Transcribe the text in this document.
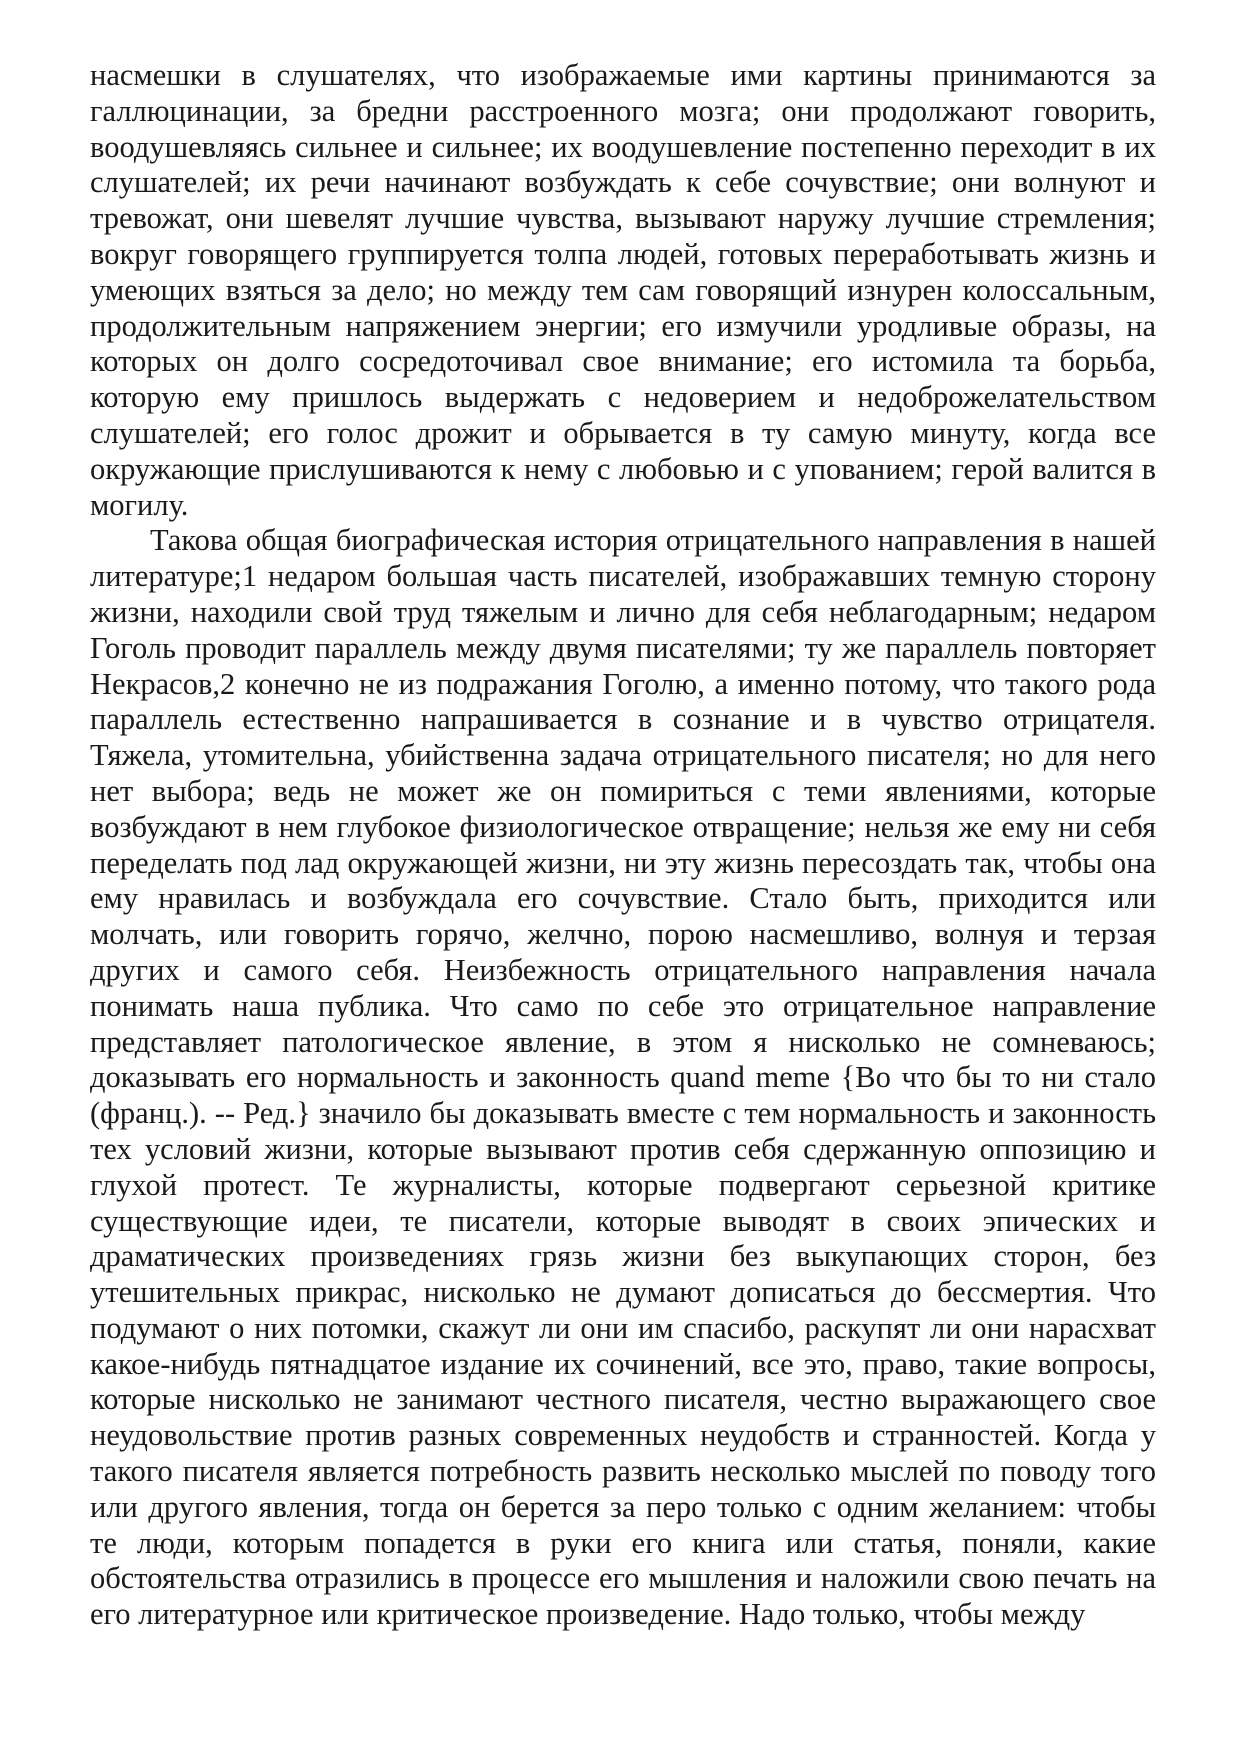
насмешки в слушателях, что изображаемые ими картины принимаются за галлюцинации, за бредни расстроенного мозга; они продолжают говорить, воодушевляясь сильнее и сильнее; их воодушевление постепенно переходит в их слушателей; их речи начинают возбуждать к себе сочувствие; они волнуют и тревожат, они шевелят лучшие чувства, вызывают наружу лучшие стремления; вокруг говорящего группируется толпа людей, готовых переработывать жизнь и умеющих взяться за дело; но между тем сам говорящий изнурен колоссальным, продолжительным напряжением энергии; его измучили уродливые образы, на которых он долго сосредоточивал свое внимание; его истомила та борьба, которую ему пришлось выдержать с недоверием и недоброжелательством слушателей; его голос дрожит и обрывается в ту самую минуту, когда все окружающие прислушиваются к нему с любовью и с упованием; герой валится в могилу.

Такова общая биографическая история отрицательного направления в нашей литературе;1 недаром большая часть писателей, изображавших темную сторону жизни, находили свой труд тяжелым и лично для себя неблагодарным; недаром Гоголь проводит параллель между двумя писателями; ту же параллель повторяет Некрасов,2 конечно не из подражания Гоголю, а именно потому, что такого рода параллель естественно напрашивается в сознание и в чувство отрицателя. Тяжела, утомительна, убийственна задача отрицательного писателя; но для него нет выбора; ведь не может же он помириться с теми явлениями, которые возбуждают в нем глубокое физиологическое отвращение; нельзя же ему ни себя переделать под лад окружающей жизни, ни эту жизнь пересоздать так, чтобы она ему нравилась и возбуждала его сочувствие. Стало быть, приходится или молчать, или говорить горячо, желчно, порою насмешливо, волнуя и терзая других и самого себя. Неизбежность отрицательного направления начала понимать наша публика. Что само по себе это отрицательное направление представляет патологическое явление, в этом я нисколько не сомневаюсь; доказывать его нормальность и законность quand meme {Во что бы то ни стало (франц.). -- Ред.} значило бы доказывать вместе с тем нормальность и законность тех условий жизни, которые вызывают против себя сдержанную оппозицию и глухой протест. Те журналисты, которые подвергают серьезной критике существующие идеи, те писатели, которые выводят в своих эпических и драматических произведениях грязь жизни без выкупающих сторон, без утешительных прикрас, нисколько не думают дописаться до бессмертия. Что подумают о них потомки, скажут ли они им спасибо, раскупят ли они нарасхват какое-нибудь пятнадцатое издание их сочинений, все это, право, такие вопросы, которые нисколько не занимают честного писателя, честно выражающего свое неудовольствие против разных современных неудобств и странностей. Когда у такого писателя является потребность развить несколько мыслей по поводу того или другого явления, тогда он берется за перо только с одним желанием: чтобы те люди, которым попадется в руки его книга или статья, поняли, какие обстоятельства отразились в процессе его мышления и наложили свою печать на его литературное или критическое произведение. Надо только, чтобы между
